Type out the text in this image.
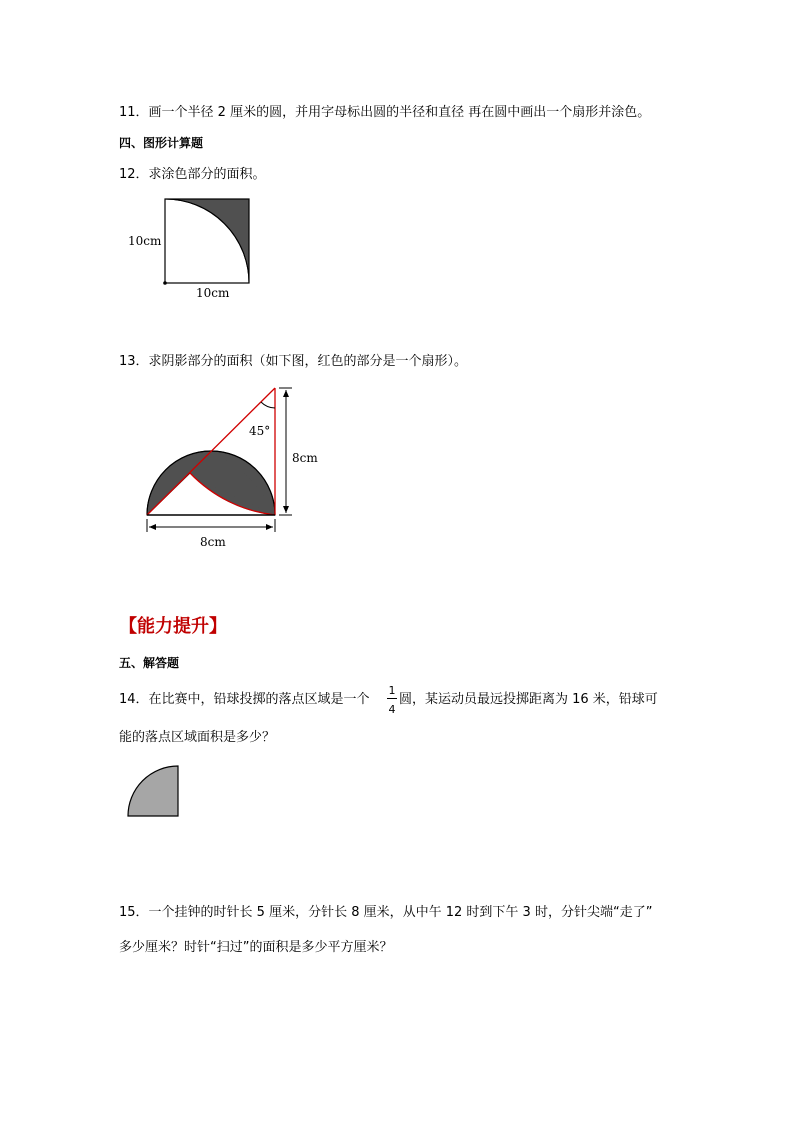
11．画一个半径 2 厘米的圆，并用字母标出圆的半径和直径 再在圆中画出一个扇形并涂色。
四、图形计算题
12．求涂色部分的面积。
10cm
10cm
13．求阴影部分的面积（如下图，红色的部分是一个扇形）。
45°
8cm
8cm
【能力提升】
五、解答题
14．在比赛中，铅球投掷的落点区域是一个
1
4
圆，某运动员最远投掷距离为 16 米，铅球可
能的落点区域面积是多少？
15．一个挂钟的时针长 5 厘米，分针长 8 厘米，从中午 12 时到下午 3 时，分针尖端“走了”
多少厘米？时针“扫过”的面积是多少平方厘米？
